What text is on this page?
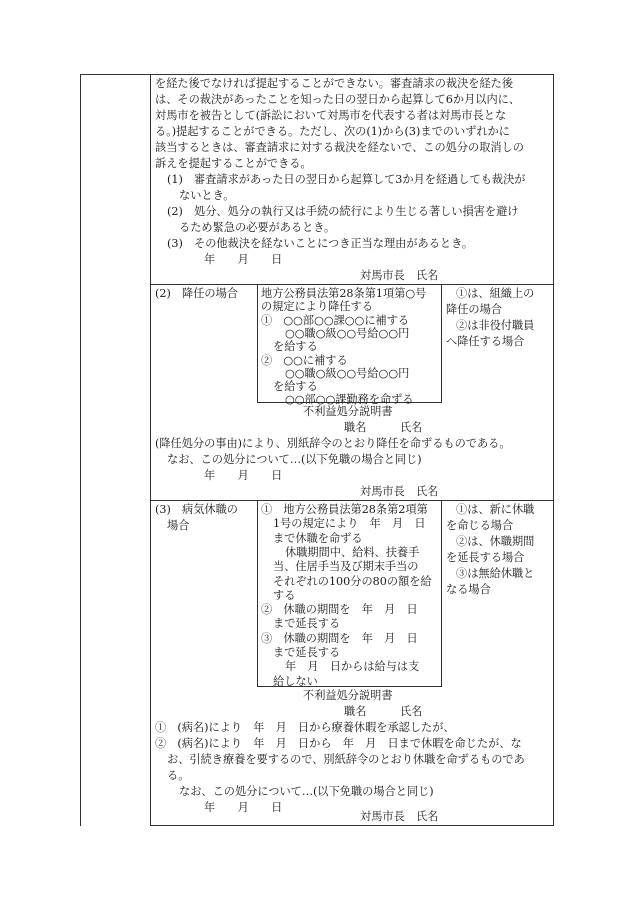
を経た後でなければ提起することができない。審査請求の裁決を経た後
は、その裁決があったことを知った日の翌日から起算して6か月以内に、
対馬市を被告として(訴訟において対馬市を代表する者は対馬市長とな
る。)提起することができる。ただし、次の(1)から(3)までのいずれかに
該当するときは、審査請求に対する裁決を経ないで、この処分の取消しの
訴えを提起することができる。
(1)　審査請求があった日の翌日から起算して3か月を経過しても裁決が
ないとき。
(2)　処分、処分の執行又は手続の続行により生じる著しい損害を避け
るため緊急の必要があるとき。
(3)　その他裁決を経ないことにつき正当な理由があるとき。
年　　月　　日
対馬市長　氏名
(2)　降任の場合 地方公務員法第28条第1項第○号
の規定により降任する
①　○○部○○課○○に補する
○○職○級○○号給○○円
を給する
②　○○に補する
○○職○級○○号給○○円
を給する
○○部○○課勤務を命ずる
①は、組織上の
降任の場合
②は非役付職員
へ降任する場合
不利益処分説明書
職名　　　氏名
(降任処分の事由)により、別紙辞令のとおり降任を命ずるものである。
なお、この処分について…(以下免職の場合と同じ)
年　　月　　日
対馬市長　氏名
(3)　病気休職の
場合
①　地方公務員法第28条第2項第
1号の規定により　年　月　日
まで休職を命ずる
休職期間中、給料、扶養手
当、住居手当及び期末手当の
それぞれの100分の80の額を給
する
②　休職の期間を　年　月　日
まで延長する
③　休職の期間を　年　月　日
まで延長する
年　月　日からは給与は支
給しない
①は、新に休職
を命じる場合
②は、休職期間
を延長する場合
③は無給休職と
なる場合
不利益処分説明書
職名　　　氏名
①　(病名)により　年　月　日から療養休暇を承認したが、
②　(病名)により　年　月　日から　年　月　日まで休暇を命じたが、な
お、引続き療養を要するので、別紙辞令のとおり休職を命ずるものであ
る。
なお、この処分について…(以下免職の場合と同じ)
年　　月　　日
対馬市長　氏名
